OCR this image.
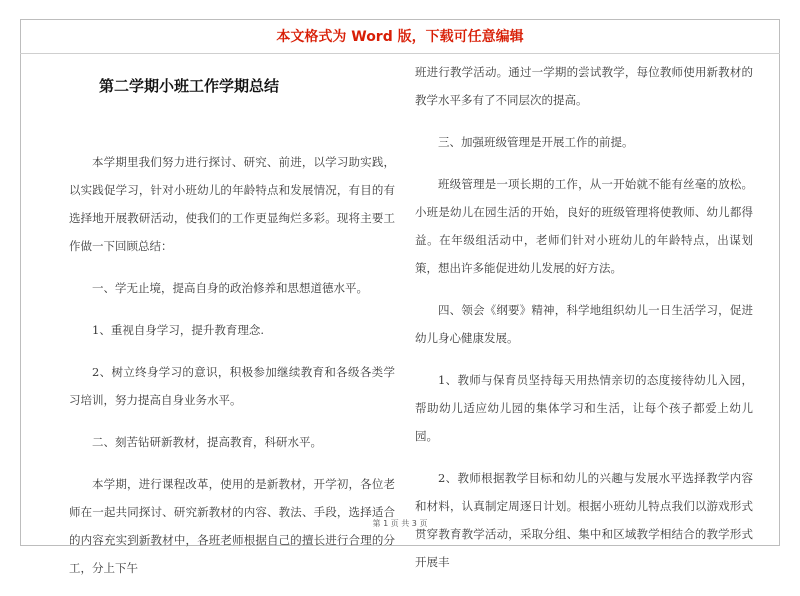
本文格式为 Word 版，下载可任意编辑
第二学期小班工作学期总结

本学期里我们努力进行探讨、研究、前进，以学习助实践，以实践促学习，针对小班幼儿的年龄特点和发展情况，有目的有选择地开展教研活动，使我们的工作更显绚烂多彩。现将主要工作做一下回顾总结：

一、学无止境，提高自身的政治修养和思想道德水平。

1、重视自身学习，提升教育理念.

2、树立终身学习的意识，积极参加继续教育和各级各类学习培训，努力提高自身业务水平。

二、刻苦钻研新教材，提高教育，科研水平。

本学期，进行课程改革，使用的是新教材，开学初，各位老师在一起共同探讨、研究新教材的内容、教法、手段，选择适合的内容充实到新教材中，各班老师根据自己的擅长进行合理的分工，分上下午

班进行教学活动。通过一学期的尝试教学，每位教师使用新教材的教学水平多有了不同层次的提高。

三、加强班级管理是开展工作的前提。

班级管理是一项长期的工作，从一开始就不能有丝毫的放松。小班是幼儿在园生活的开始，良好的班级管理将使教师、幼儿都得益。在年级组活动中，老师们针对小班幼儿的年龄特点，出谋划策，想出许多能促进幼儿发展的好方法。

四、领会《纲要》精神，科学地组织幼儿一日生活学习，促进幼儿身心健康发展。

1、教师与保育员坚持每天用热情亲切的态度接待幼儿入园，帮助幼儿适应幼儿园的集体学习和生活，让每个孩子都爱上幼儿园。

2、教师根据教学目标和幼儿的兴趣与发展水平选择教学内容和材料，认真制定周逐日计划。根据小班幼儿特点我们以游戏形式贯穿教育教学活动，采取分组、集中和区域教学相结合的教学形式开展丰

第 1 页 共 3 页
